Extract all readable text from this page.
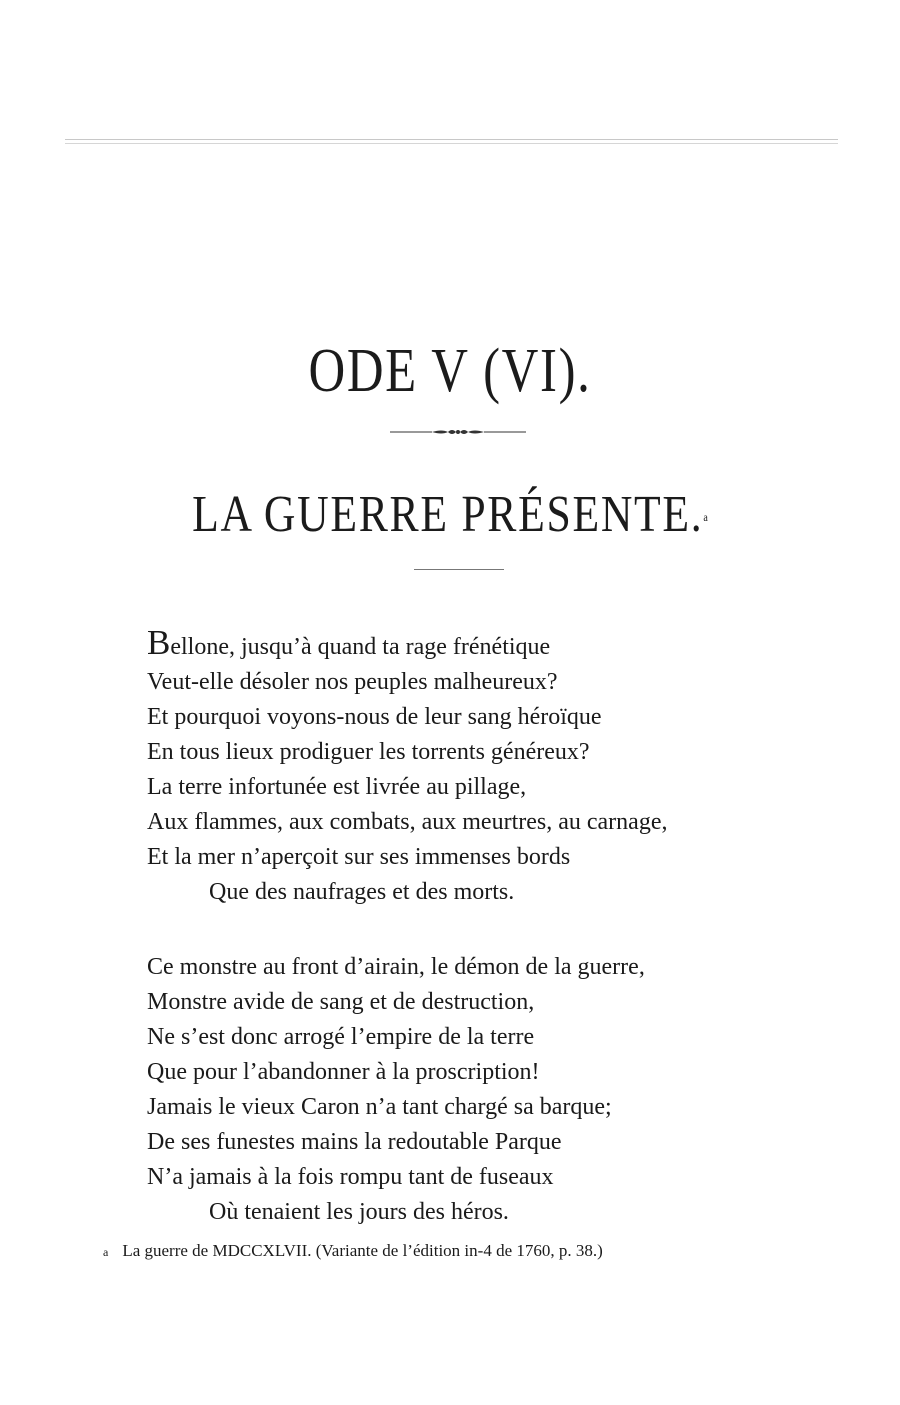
ODE V (VI).
LA GUERRE PRÉSENTE.$^a$
Bellone, jusqu’à quand ta rage frénétique
Veut-elle désoler nos peuples malheureux?
Et pourquoi voyons-nous de leur sang héroïque
En tous lieux prodiguer les torrents généreux?
La terre infortunée est livrée au pillage,
Aux flammes, aux combats, aux meurtres, au carnage,
Et la mer n’aperçoit sur ses immenses bords
Que des naufrages et des morts.
Ce monstre au front d’airain, le démon de la guerre,
Monstre avide de sang et de destruction,
Ne s’est donc arrogé l’empire de la terre
Que pour l’abandonner à la proscription!
Jamais le vieux Caron n’a tant chargé sa barque;
De ses funestes mains la redoutable Parque
N’a jamais à la fois rompu tant de fuseaux
Où tenaient les jours des héros.
a La guerre de MDCCXLVII. (Variante de l’édition in-4 de 1760, p. 38.)
